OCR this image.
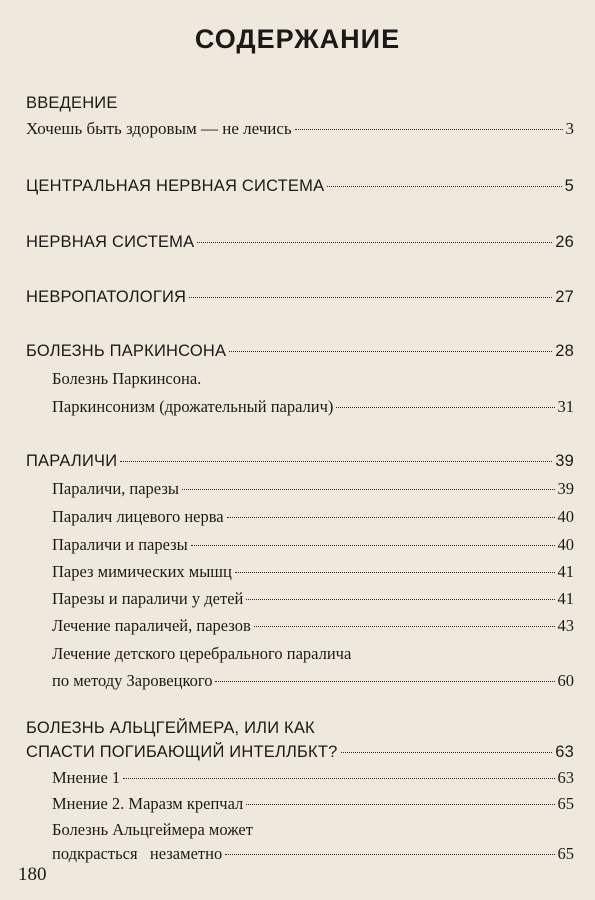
СОДЕРЖАНИЕ
ВВЕДЕНИЕ
Хочешь быть здоровым — не лечись	3
ЦЕНТРАЛЬНАЯ НЕРВНАЯ СИСТЕМА	5
НЕРВНАЯ СИСТЕМА	26
НЕВРОПАТОЛОГИЯ	27
БОЛЕЗНЬ ПАРКИНСОНА	28
Болезнь Паркинсона.
Паркинсонизм (дрожательный паралич)	31
ПАРАЛИЧИ	39
Параличи, парезы	39
Паралич лицевого нерва	40
Параличи и парезы	40
Парез мимических мышц	41
Парезы и параличи у детей	41
Лечение параличей, парезов	43
Лечение детского церебрального паралича
по методу Заровецкого	60
БОЛЕЗНЬ АЛЬЦГЕЙМЕРА, ИЛИ КАК
СПАСТИ ПОГИБАЮЩИЙ ИНТЕЛЛБКТ?	63
Мнение 1	63
Мнение 2. Маразм крепчал	65
Болезнь Альцгеймера может
подкрасться   незаметно	65
180
